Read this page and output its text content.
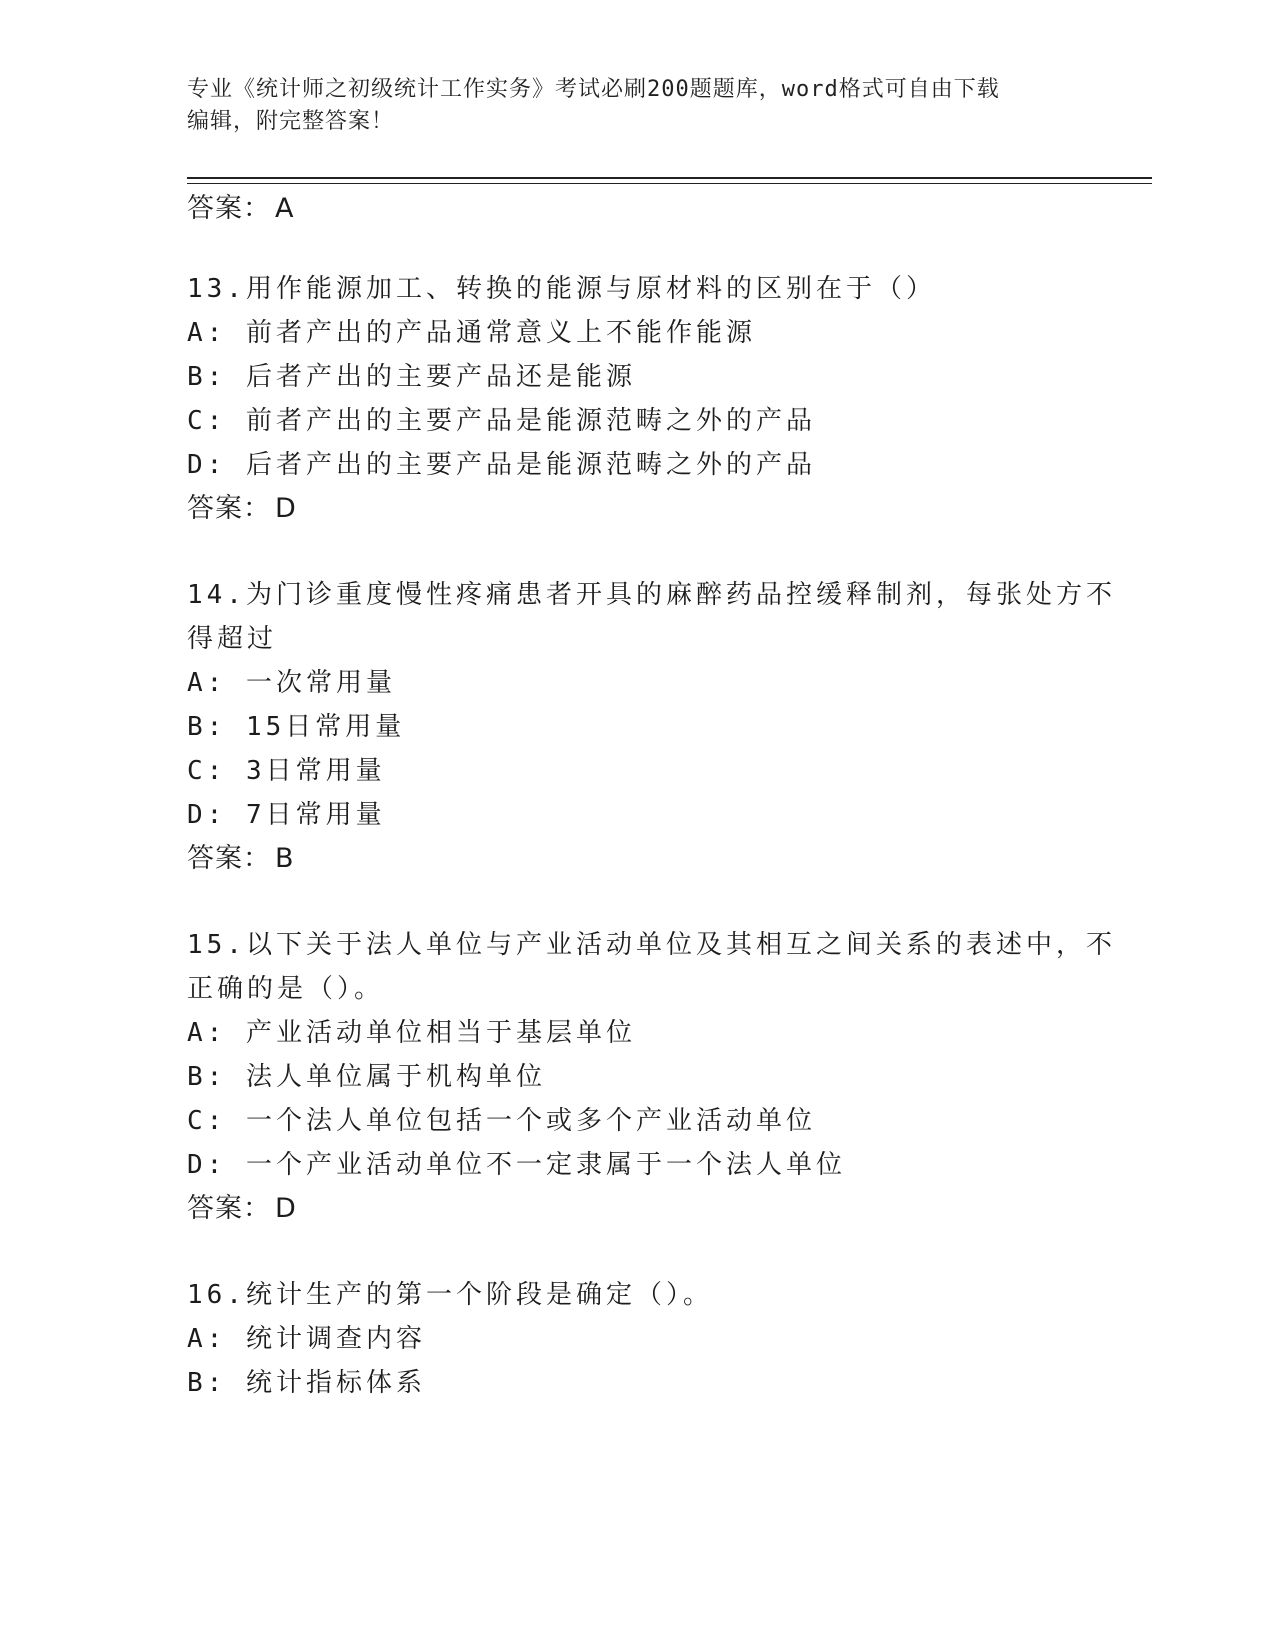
专业《统计师之初级统计工作实务》考试必刷200题题库，word格式可自由下载
编辑，附完整答案！
答案： A
13.用作能源加工、转换的能源与原材料的区别在于（）
A: 前者产出的产品通常意义上不能作能源
B: 后者产出的主要产品还是能源
C: 前者产出的主要产品是能源范畴之外的产品
D: 后者产出的主要产品是能源范畴之外的产品
答案： D
14.为门诊重度慢性疼痛患者开具的麻醉药品控缓释制剂，每张处方不
得超过
A: 一次常用量
B: 15日常用量
C: 3日常用量
D: 7日常用量
答案： B
15.以下关于法人单位与产业活动单位及其相互之间关系的表述中，不
正确的是（）。
A: 产业活动单位相当于基层单位
B: 法人单位属于机构单位
C: 一个法人单位包括一个或多个产业活动单位
D: 一个产业活动单位不一定隶属于一个法人单位
答案： D
16.统计生产的第一个阶段是确定（）。
A: 统计调查内容
B: 统计指标体系
